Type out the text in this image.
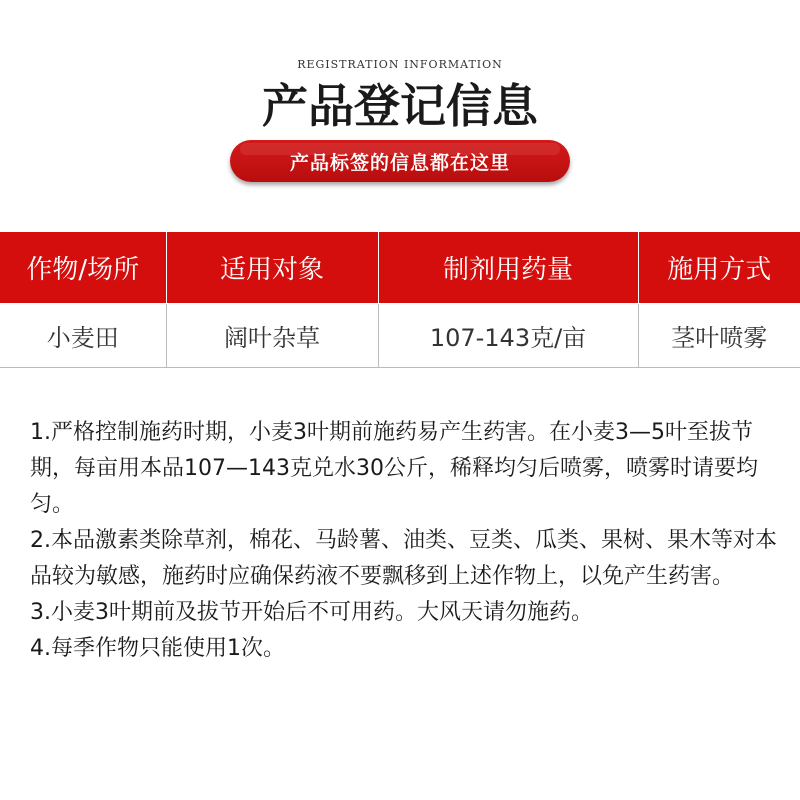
REGISTRATION INFORMATION
产品登记信息
产品标签的信息都在这里
作物/场所	适用对象	制剂用药量	施用方式
小麦田	阔叶杂草	107-143克/亩	茎叶喷雾

1.严格控制施药时期，小麦3叶期前施药易产生药害。在小麦3—5叶至拔节期，每亩用本品107—143克兑水30公斤，稀释均匀后喷雾，喷雾时请要均匀。

2.本品激素类除草剂，棉花、马龄薯、油类、豆类、瓜类、果树、果木等对本品较为敏感，施药时应确保药液不要飘移到上述作物上，以免产生药害。

3.小麦3叶期前及拔节开始后不可用药。大风天请勿施药。

4.每季作物只能使用1次。
